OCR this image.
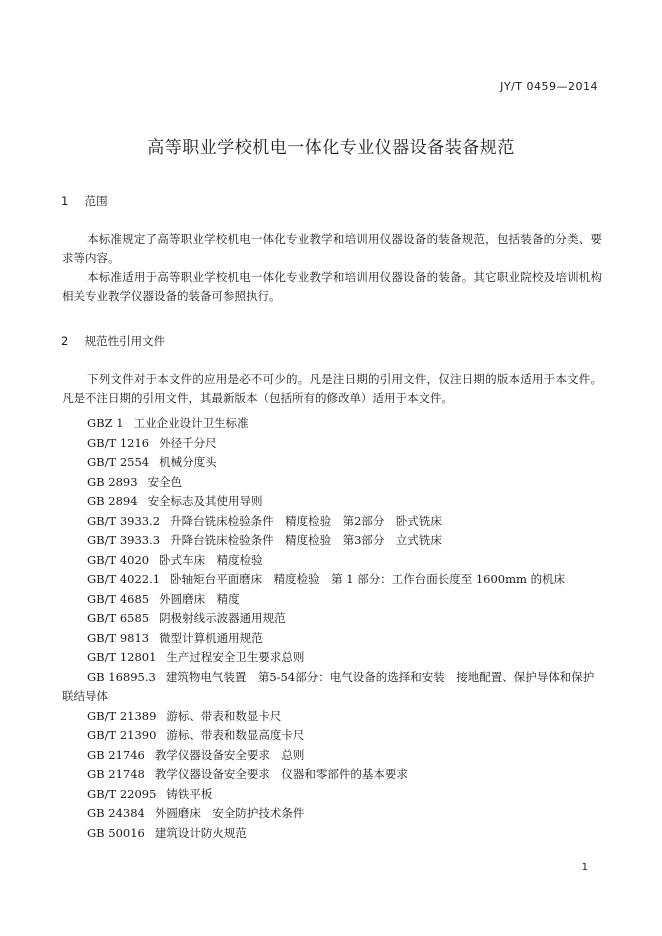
JY/T 0459—2014
高等职业学校机电一体化专业仪器设备装备规范
1 范围

本标准规定了高等职业学校机电一体化专业教学和培训用仪器设备的装备规范，包括装备的分类、要求等内容。

本标准适用于高等职业学校机电一体化专业教学和培训用仪器设备的装备。其它职业院校及培训机构相关专业教学仪器设备的装备可参照执行。

2 规范性引用文件

下列文件对于本文件的应用是必不可少的。凡是注日期的引用文件，仅注日期的版本适用于本文件。凡是不注日期的引用文件，其最新版本（包括所有的修改单）适用于本文件。

GBZ 1 工业企业设计卫生标准
GB/T 1216 外径千分尺
GB/T 2554 机械分度头
GB 2893 安全色
GB 2894 安全标志及其使用导则
GB/T 3933.2 升降台铣床检验条件　精度检验　第2部分　卧式铣床
GB/T 3933.3 升降台铣床检验条件　精度检验　第3部分　立式铣床
GB/T 4020 卧式车床　精度检验
GB/T 4022.1 卧轴矩台平面磨床　精度检验　第 1 部分：工作台面长度至 1600mm 的机床
GB/T 4685 外圆磨床　精度
GB/T 6585 阴极射线示波器通用规范
GB/T 9813 微型计算机通用规范
GB/T 12801 生产过程安全卫生要求总则
GB 16895.3 建筑物电气装置　第5-54部分：电气设备的选择和安装　接地配置、保护导体和保护联结导体
GB/T 21389 游标、带表和数显卡尺
GB/T 21390 游标、带表和数显高度卡尺
GB 21746 教学仪器设备安全要求　总则
GB 21748 教学仪器设备安全要求　仪器和零部件的基本要求
GB/T 22095 铸铁平板
GB 24384 外圆磨床　安全防护技术条件
GB 50016 建筑设计防火规范
1
